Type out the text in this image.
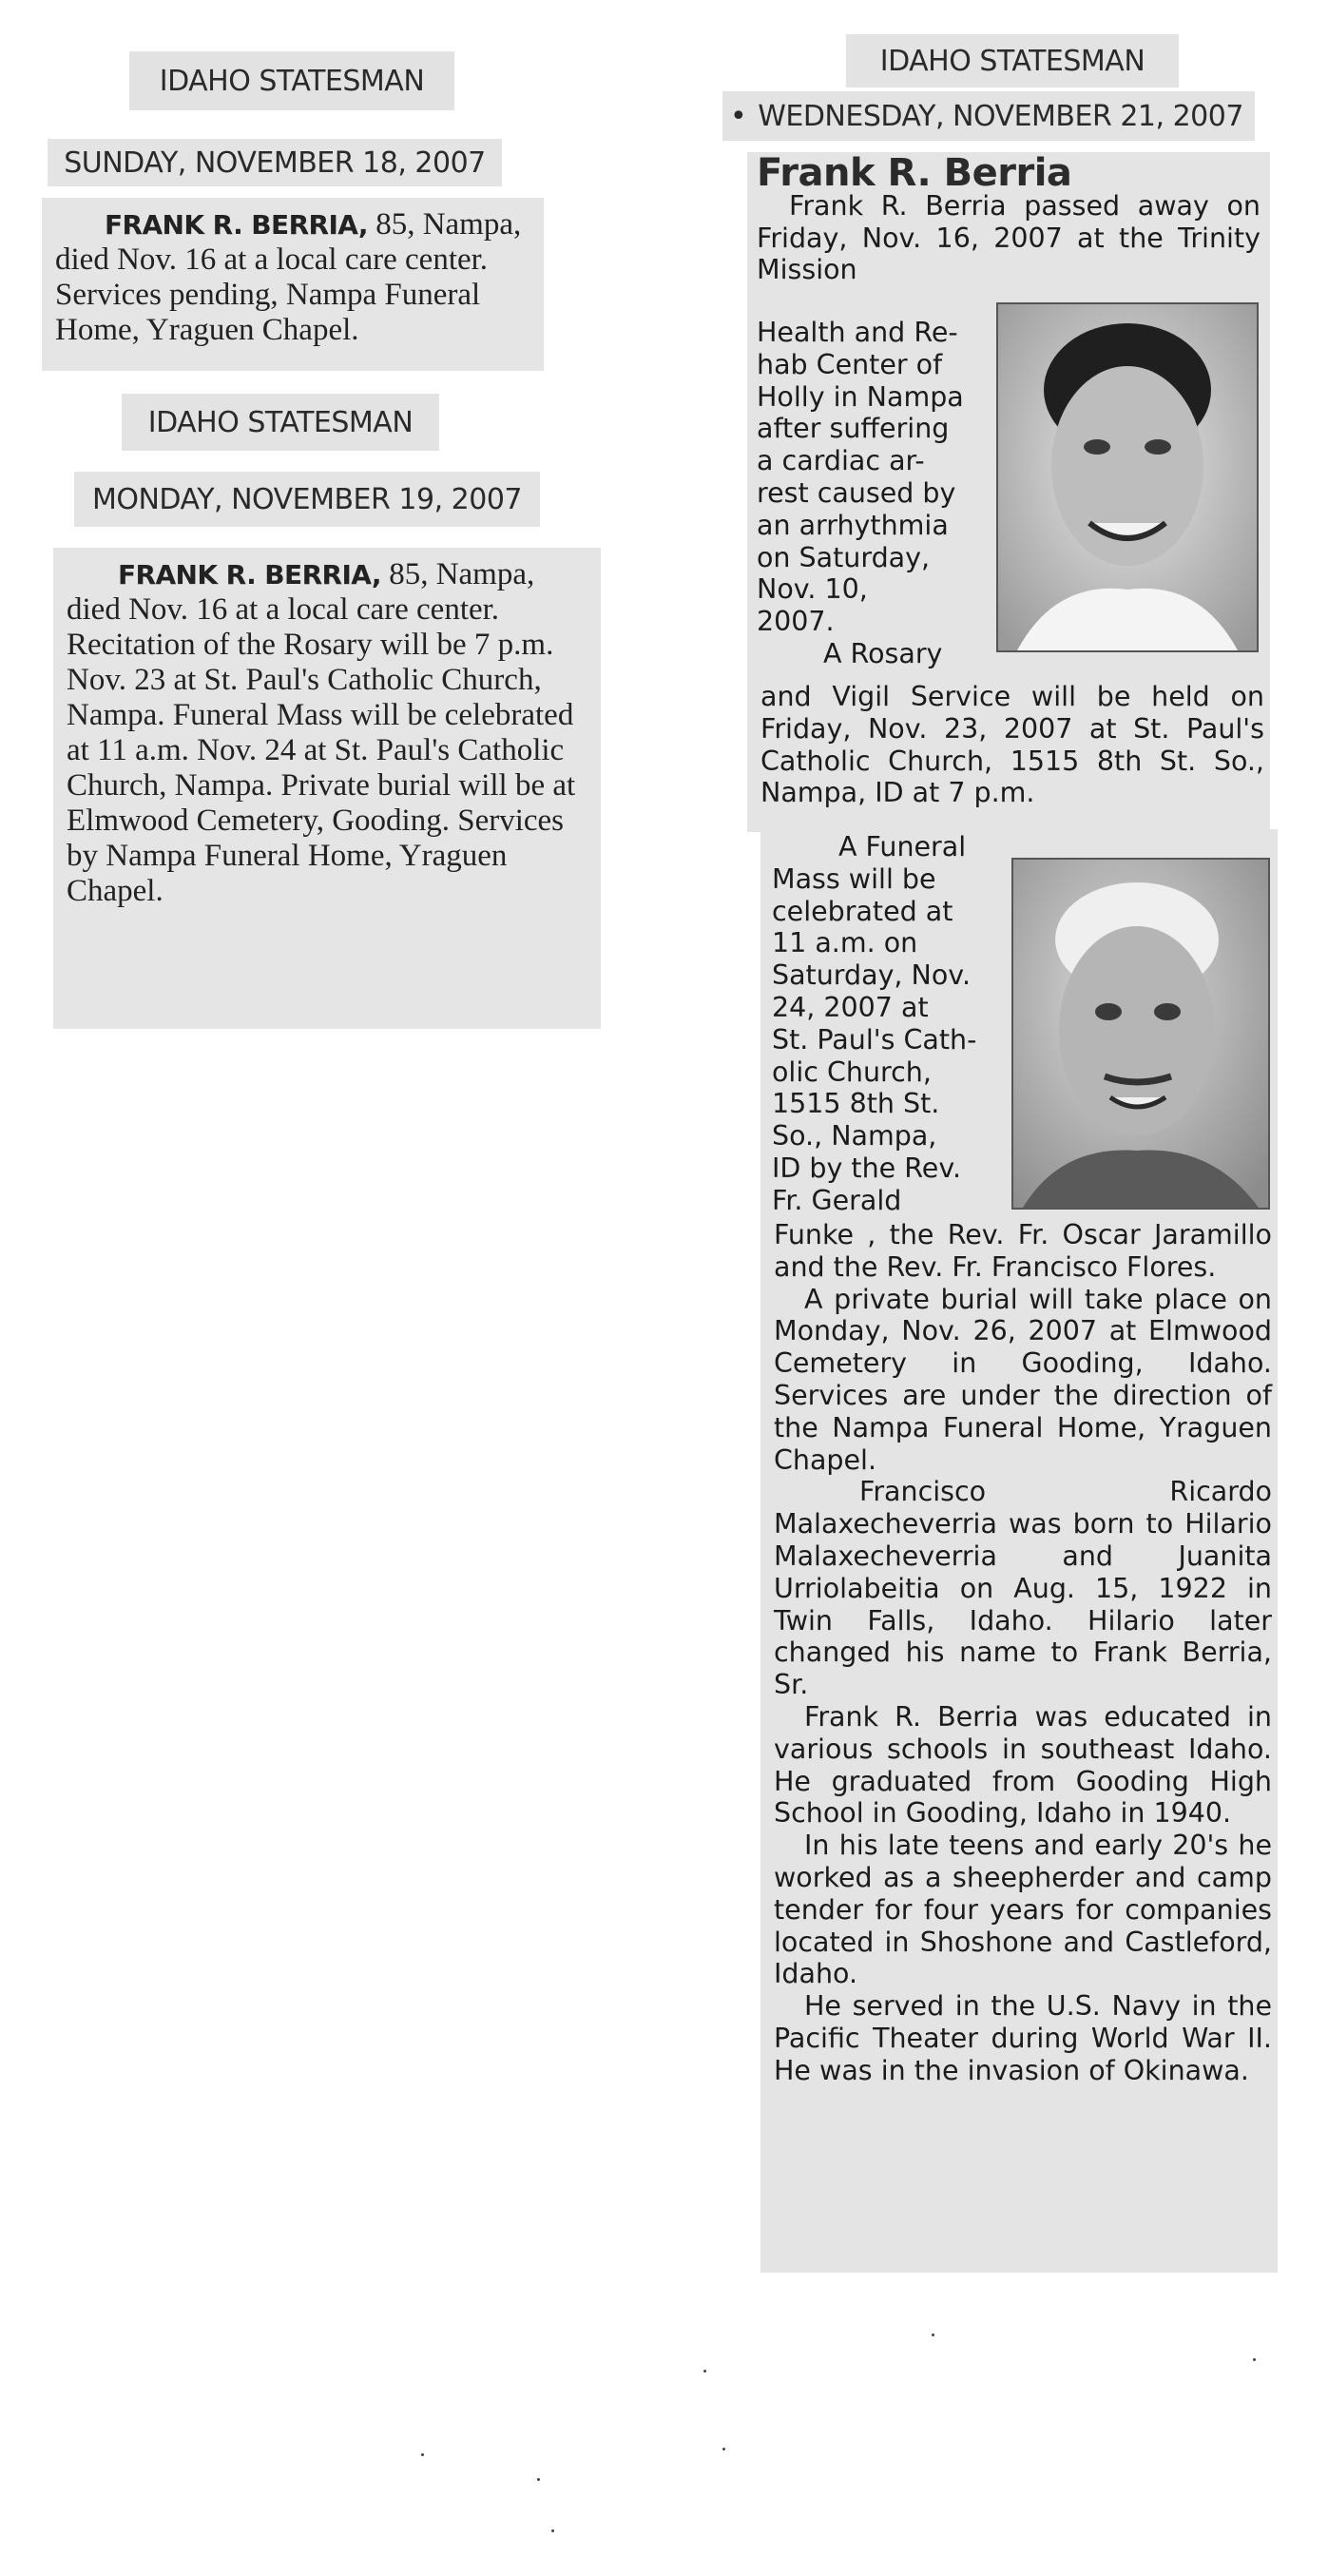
IDAHO STATESMAN
SUNDAY, NOVEMBER 18, 2007
FRANK R. BERRIA, 85, Nampa, died Nov. 16 at a local care center. Services pending, Nampa Funeral Home, Yraguen Chapel.
IDAHO STATESMAN
MONDAY, NOVEMBER 19, 2007
FRANK R. BERRIA, 85, Nampa, died Nov. 16 at a local care center. Recitation of the Rosary will be 7 p.m. Nov. 23 at St. Paul's Catholic Church, Nampa. Funeral Mass will be celebrated at 11 a.m. Nov. 24 at St. Paul's Catholic Church, Nampa. Private burial will be at Elmwood Cemetery, Gooding. Services by Nampa Funeral Home, Yraguen Chapel.
IDAHO STATESMAN
• WEDNESDAY, NOVEMBER 21, 2007
Frank R. Berria

Frank R. Berria passed away on Friday, Nov. 16, 2007 at the Trinity Mission

Health and Re-
hab Center of
Holly in Nampa
after suffering
a cardiac ar-
rest caused by
an arrhythmia
on Saturday,
Nov. 10,
2007.
A Rosary

and Vigil Service will be held on Friday, Nov. 23, 2007 at St. Paul's Catholic Church, 1515 8th St. So., Nampa, ID at 7 p.m.

A Funeral
Mass will be
celebrated at
11 a.m. on
Saturday, Nov.
24, 2007 at
St. Paul's Cath-
olic Church,
1515 8th St.
So., Nampa,
ID by the Rev.
Fr. Gerald

Funke , the Rev. Fr. Oscar Jaramillo and the Rev. Fr. Francisco Flores.

A private burial will take place on Monday, Nov. 26, 2007 at Elmwood Cemetery in Gooding, Idaho. Services are under the direction of the Nampa Funeral Home, Yraguen Chapel.

Francisco Ricardo Malaxecheverria was born to Hilario Malaxecheverria and Juanita Urriolabeitia on Aug. 15, 1922 in Twin Falls, Idaho. Hilario later changed his name to Frank Berria, Sr.

Frank R. Berria was educated in various schools in southeast Idaho. He graduated from Gooding High School in Gooding, Idaho in 1940.

In his late teens and early 20's he worked as a sheepherder and camp tender for four years for companies located in Shoshone and Castleford, Idaho.

He served in the U.S. Navy in the Pacific Theater during World War II. He was in the invasion of Okinawa.
